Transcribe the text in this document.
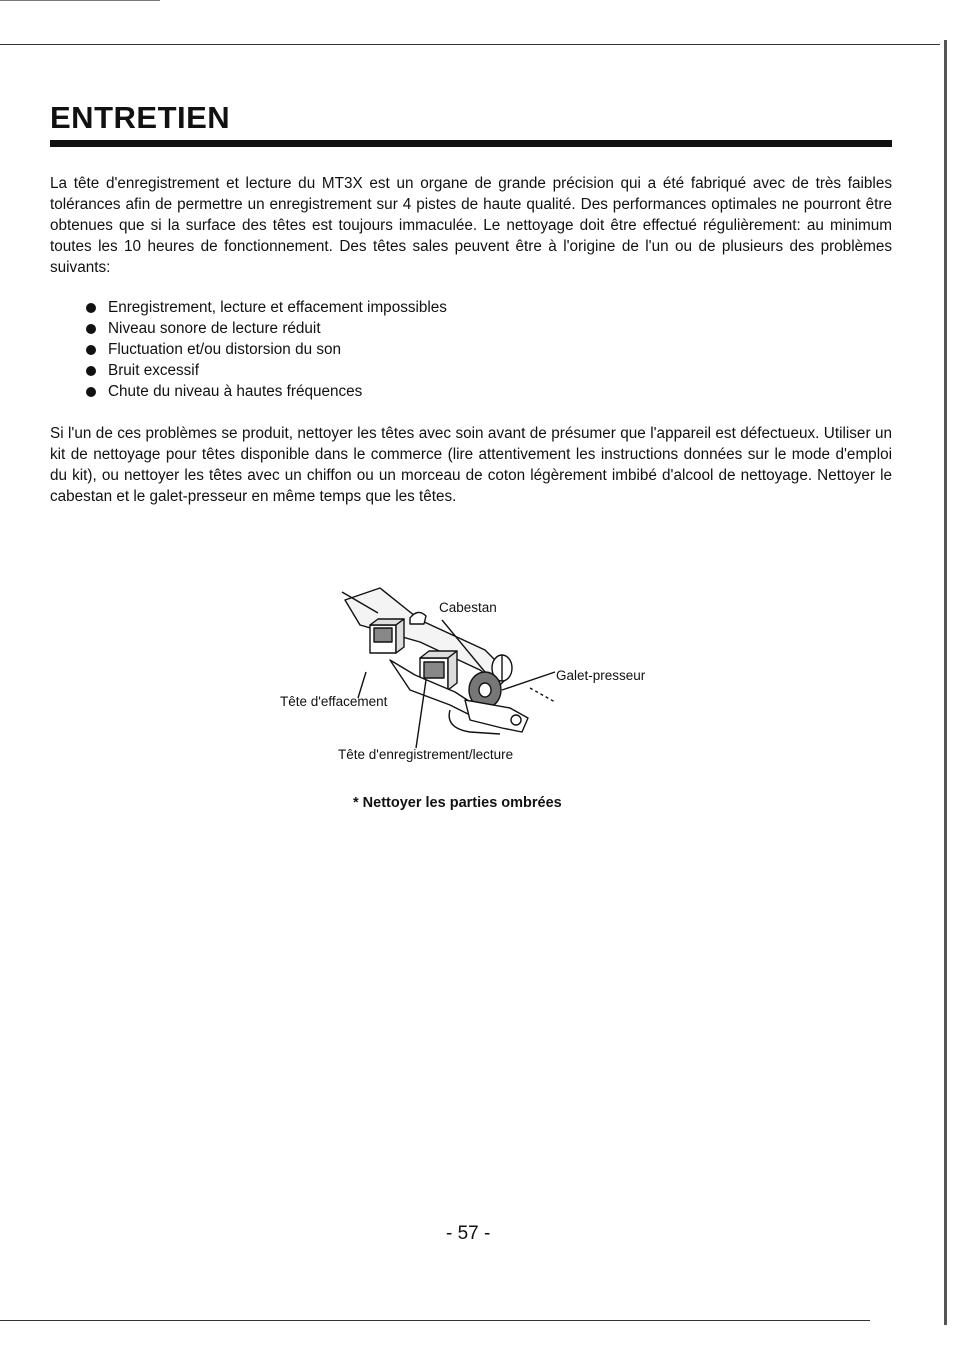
ENTRETIEN

La tête d'enregistrement et lecture du MT3X est un organe de grande précision qui a été fabriqué avec de très faibles tolérances afin de permettre un enregistrement sur 4 pistes de haute qualité. Des performances optimales ne pourront être obtenues que si la surface des têtes est toujours immaculée. Le nettoyage doit être effectué régulièrement: au minimum toutes les 10 heures de fonctionnement. Des têtes sales peuvent être à l'origine de l'un ou de plusieurs des problèmes suivants:

Enregistrement, lecture et effacement impossibles
Niveau sonore de lecture réduit
Fluctuation et/ou distorsion du son
Bruit excessif
Chute du niveau à hautes fréquences

Si l'un de ces problèmes se produit, nettoyer les têtes avec soin avant de présumer que l'appareil est défectueux. Utiliser un kit de nettoyage pour têtes disponible dans le commerce (lire attentivement les instructions données sur le mode d'emploi du kit), ou nettoyer les têtes avec un chiffon ou un morceau de coton légèrement imbibé d'alcool de nettoyage. Nettoyer le cabestan et le galet-presseur en même temps que les têtes.

Cabestan
Galet-presseur
Tête d'effacement
Tête d'enregistrement/lecture
* Nettoyer les parties ombrées
- 57 -
